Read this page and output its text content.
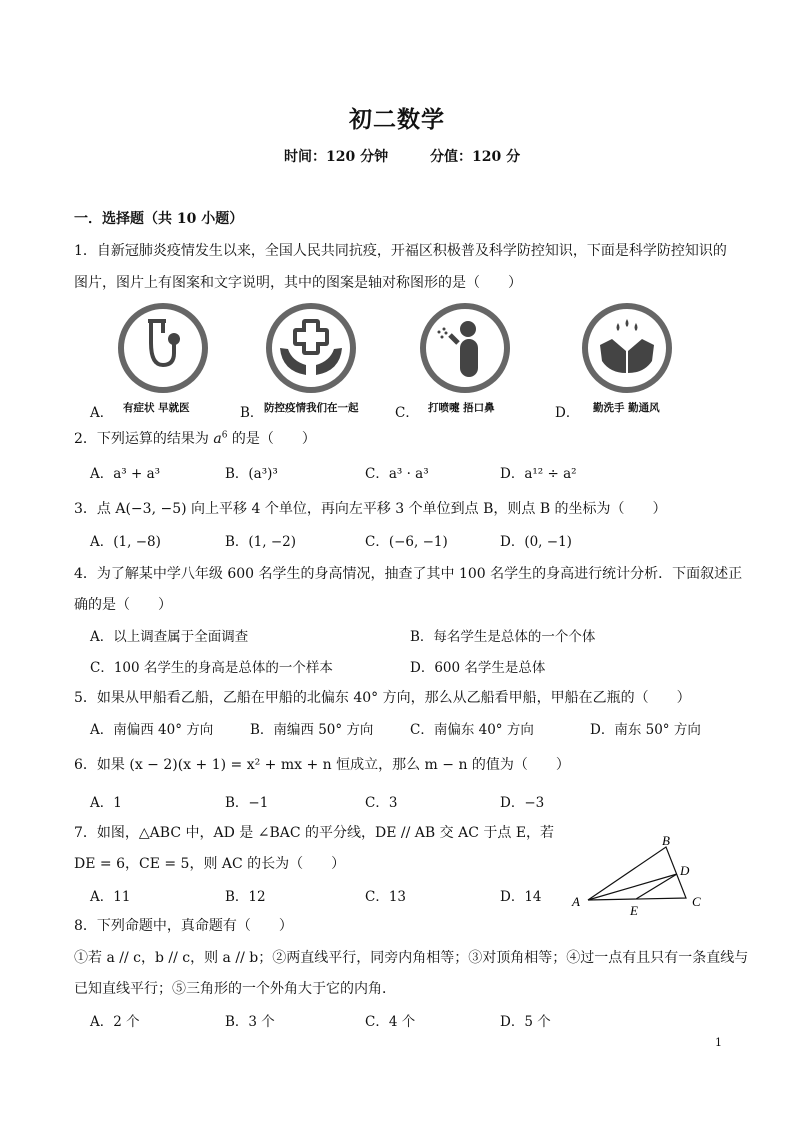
初二数学
时间：120 分钟	分值：120 分
一．选择题（共 10 小题）
1．自新冠肺炎疫情发生以来，全国人民共同抗疫，开福区积极普及科学防控知识，下面是科学防控知识的
图片，图片上有图案和文字说明，其中的图案是轴对称图形的是（　　）
A． 有症状 早就医	B． 防控疫情我们在一起	C． 打喷嚏 捂口鼻	D． 勤洗手 勤通风
2．下列运算的结果为 $a^6$ 的是（　　）
A．a³ + a³	B．(a³)³	C．a³ · a³	D．a¹² ÷ a²
3．点 A(−3, −5) 向上平移 4 个单位，再向左平移 3 个单位到点 B，则点 B 的坐标为（　　）
A．(1, −8)	B．(1, −2)	C．(−6, −1)	D．(0, −1)
4．为了解某中学八年级 600 名学生的身高情况，抽查了其中 100 名学生的身高进行统计分析．下面叙述正
确的是（　　）
A．以上调查属于全面调查	B．每名学生是总体的一个个体
C．100 名学生的身高是总体的一个样本	D．600 名学生是总体
5．如果从甲船看乙船，乙船在甲船的北偏东 40° 方向，那么从乙船看甲船，甲船在乙瓶的（　　）
A．南偏西 40° 方向	B．南编西 50° 方向	C．南偏东 40° 方向	D．南东 50° 方向
6．如果 (x − 2)(x + 1) = x² + mx + n 恒成立，那么 m − n 的值为（　　）
A．1	B．−1	C．3	D．−3
7．如图，△ABC 中，AD 是 ∠BAC 的平分线，DE // AB 交 AC 于点 E，若
DE = 6，CE = 5，则 AC 的长为（　　）
A．11	B．12	C．13	D．14 A
B
C
D
E
8．下列命题中，真命题有（　　）
①若 a // c，b // c，则 a // b；②两直线平行，同旁内角相等；③对顶角相等；④过一点有且只有一条直线与
已知直线平行；⑤三角形的一个外角大于它的内角．
A．2 个	B．3 个	C．4 个	D．5 个
1
